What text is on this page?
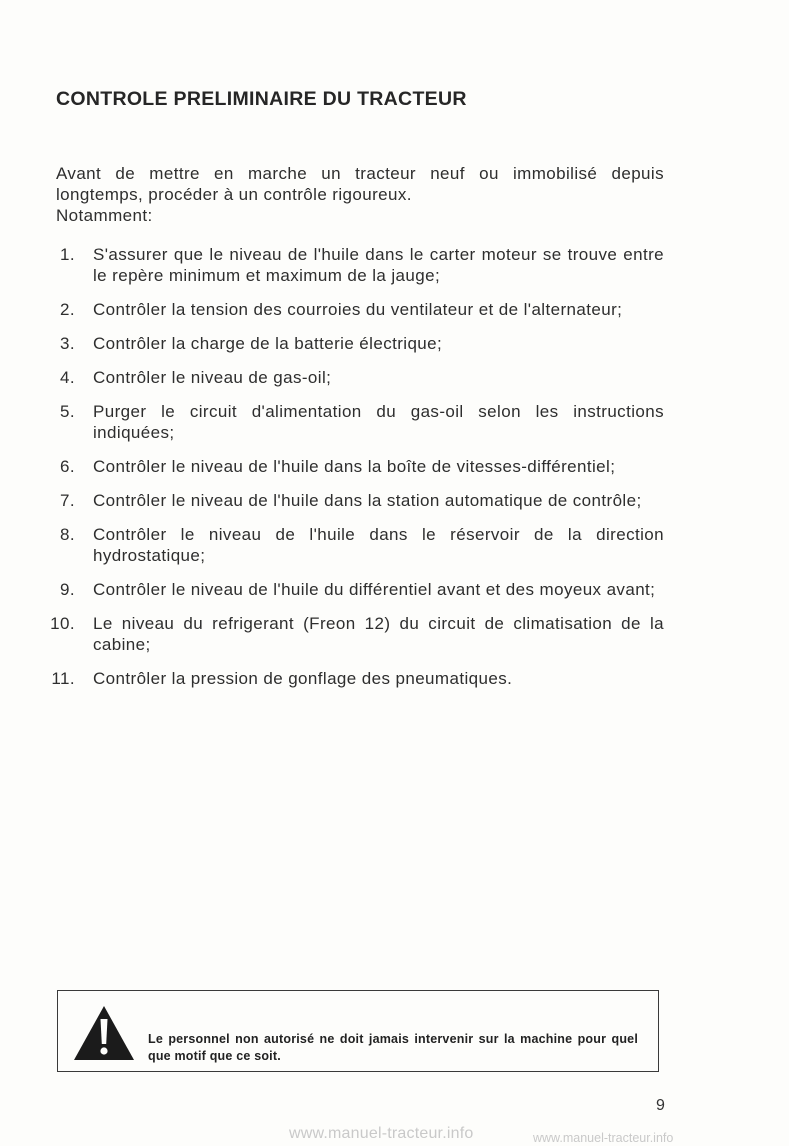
CONTROLE PRELIMINAIRE DU TRACTEUR

Avant de mettre en marche un tracteur neuf ou immobilisé depuis
longtemps, procéder à un contrôle rigoureux.
Notamment:

1. S'assurer que le niveau de l'huile dans le carter moteur se trouve entre le repère minimum et maximum de la jauge;
2. Contrôler la tension des courroies du ventilateur et de l'alternateur;
3. Contrôler la charge de la batterie électrique;
4. Contrôler le niveau de gas-oil;
5. Purger le circuit d'alimentation du gas-oil selon les instructions indiquées;
6. Contrôler le niveau de l'huile dans la boîte de vitesses-différentiel;
7. Contrôler le niveau de l'huile dans la station automatique de contrôle;
8. Contrôler le niveau de l'huile dans le réservoir de la direction hydrostatique;
9. Contrôler le niveau de l'huile du différentiel avant et des moyeux avant;
10. Le niveau du refrigerant (Freon 12) du circuit de climatisation de la cabine;
11. Contrôler la pression de gonflage des pneumatiques.

Le personnel non autorisé ne doit jamais intervenir sur la machine pour quel que motif que ce soit.

9
www.manuel-tracteur.info	www.manuel-tracteur.info
